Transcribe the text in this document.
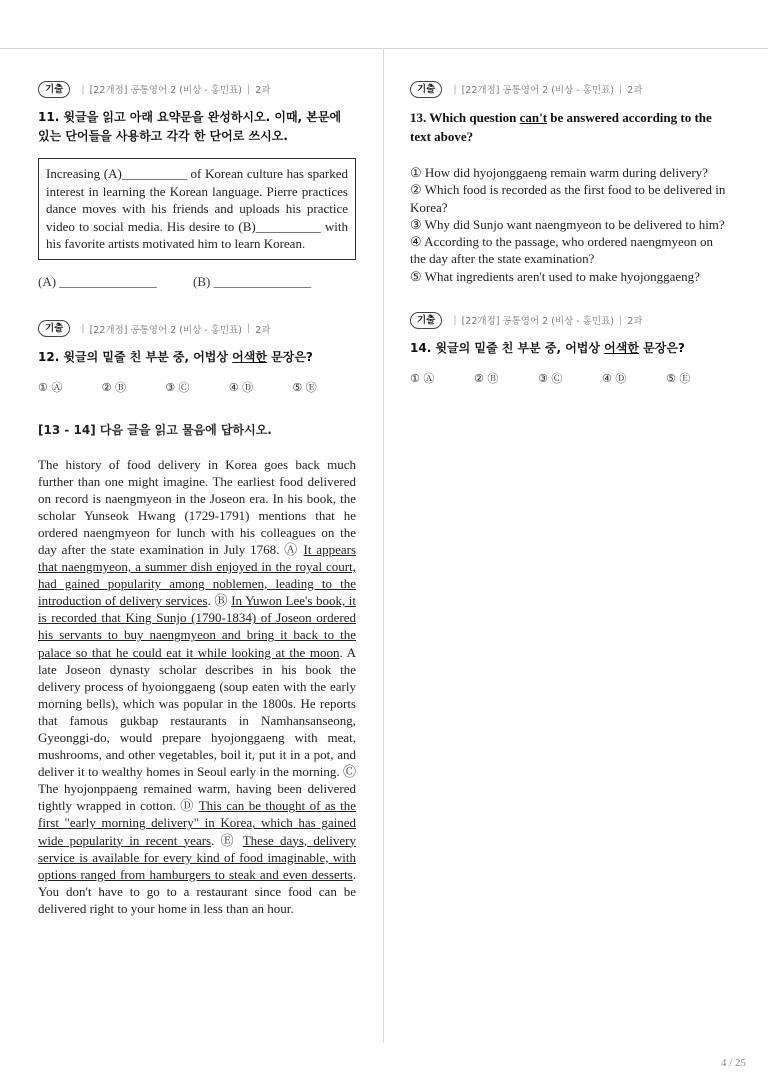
기출	| [22개정] 공통영어 2 (비상 - 홍민표) | 2과
11. 윗글을 읽고 아래 요약문을 완성하시오. 이때, 본문에 있는 단어들을 사용하고 각각 한 단어로 쓰시오.
Increasing (A)__________ of Korean culture has sparked interest in learning the Korean language. Pierre practices dance moves with his friends and uploads his practice video to social media. His desire to (B)__________ with his favorite artists motivated him to learn Korean.
(A) _______________	(B) _______________
기출	| [22개정] 공통영어 2 (비상 - 홍민표) | 2과
12. 윗글의 밑줄 친 부분 중, 어법상 어색한 문장은?
① Ⓐ	② Ⓑ	③ Ⓒ	④ Ⓓ	⑤ Ⓔ
[13 - 14] 다음 글을 읽고 물음에 답하시오.
The history of food delivery in Korea goes back much further than one might imagine. The earliest food delivered on record is naengmyeon in the Joseon era. In his book, the scholar Yunseok Hwang (1729-1791) mentions that he ordered naengmyeon for lunch with his colleagues on the day after the state examination in July 1768. Ⓐ It appears that naengmyeon, a summer dish enjoyed in the royal court, had gained popularity among noblemen, leading to the introduction of delivery services. Ⓑ In Yuwon Lee's book, it is recorded that King Sunjo (1790-1834) of Joseon ordered his servants to buy naengmyeon and bring it back to the palace so that he could eat it while looking at the moon. A late Joseon dynasty scholar describes in his book the delivery process of hyoionggaeng (soup eaten with the early morning bells), which was popular in the 1800s. He reports that famous gukbap restaurants in Namhansanseong, Gyeonggi-do, would prepare hyojonggaeng with meat, mushrooms, and other vegetables, boil it, put it in a pot, and deliver it to wealthy homes in Seoul early in the morning. Ⓒ The hyojonppaeng remained warm, having been delivered tightly wrapped in cotton. Ⓓ This can be thought of as the first "early morning delivery" in Korea, which has gained wide popularity in recent years. Ⓔ These days, delivery service is available for every kind of food imaginable, with options ranged from hamburgers to steak and even desserts. You don't have to go to a restaurant since food can be delivered right to your home in less than an hour.
기출	| [22개정] 공통영어 2 (비상 - 홍민표) | 2과
13. Which question can't be answered according to the text above?

① How did hyojonggaeng remain warm during delivery?

② Which food is recorded as the first food to be delivered in Korea?

③ Why did Sunjo want naengmyeon to be delivered to him?

④ According to the passage, who ordered naengmyeon on the day after the state examination?

⑤ What ingredients aren't used to make hyojonggaeng?

기출	| [22개정] 공통영어 2 (비상 - 홍민표) | 2과
14. 윗글의 밑줄 친 부분 중, 어법상 어색한 문장은?
① Ⓐ	② Ⓑ	③ Ⓒ	④ Ⓓ	⑤ Ⓔ
4 / 25
